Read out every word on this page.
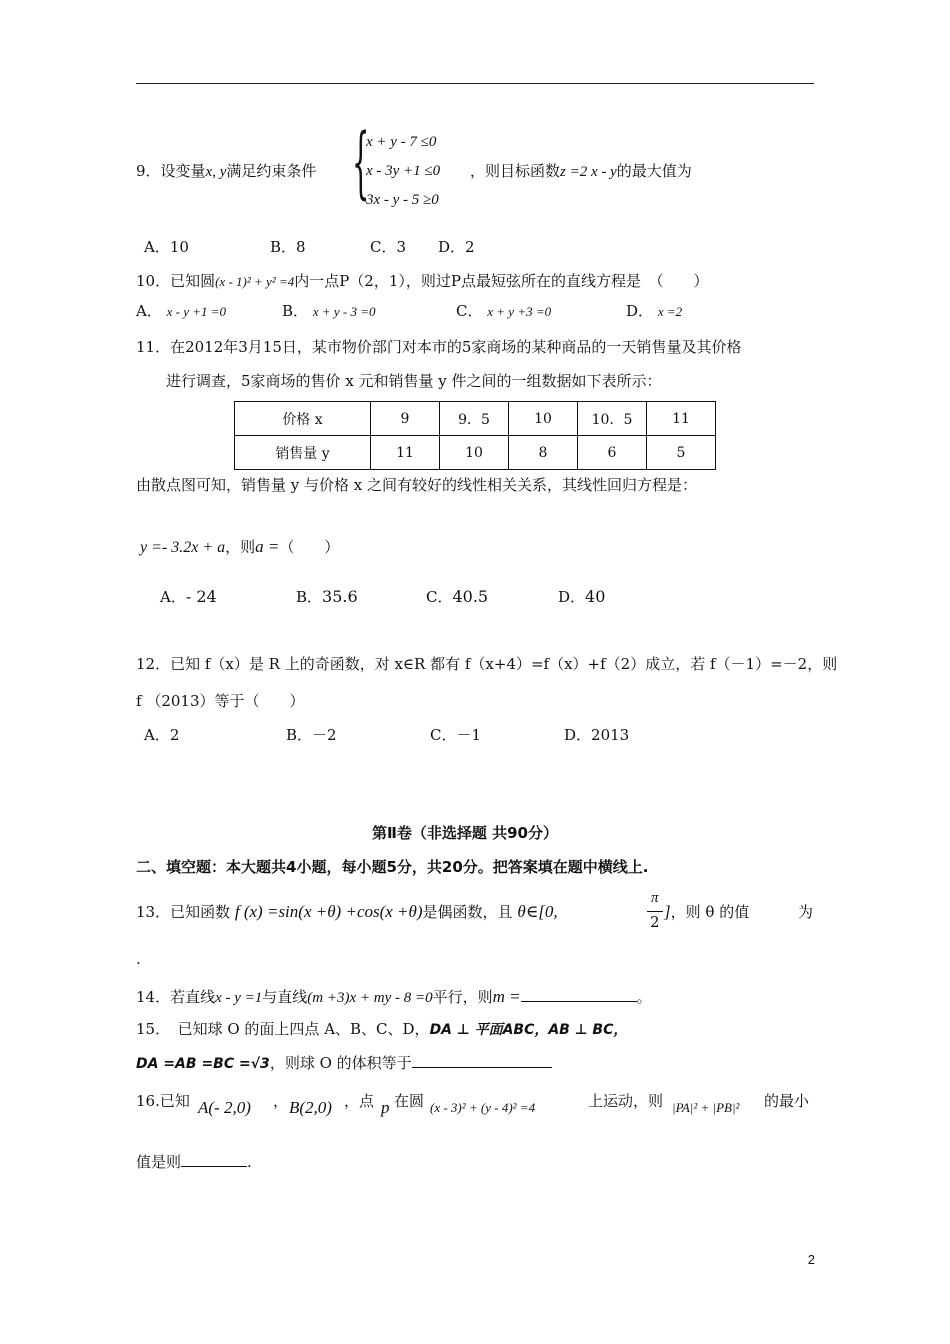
9．设变量x, y满足约束条件 {
x + y - 7 ≤0
x - 3y +1 ≤0
3x - y - 5 ≥0
，则目标函数z =2 x - y的最大值为
A．10	B．8	C．3 D．2
10．已知圆(x - 1)² + y² =4内一点P（2，1），则过P点最短弦所在的直线方程是　（　　）
A． x - y +1 =0	B． x + y - 3 =0	C． x + y +3 =0	D． x =2
11．在2012年3月15日，某市物价部门对本市的5家商场的某种商品的一天销售量及其价格
进行调查，5家商场的售价 x 元和销售量 y 件之间的一组数据如下表所示：
价格 x	9	9．5	10	10．5	11
销售量 y	11	10	8	6	5
由散点图可知，销售量 y 与价格 x 之间有较好的线性相关关系，其线性回归方程是：
y =- 3.2x + a，则a =（　　）
A．- 24	B．35.6	C．40.5	D．40
12．已知 f（x）是 R 上的奇函数，对 x∈R 都有 f（x+4）=f（x）+f（2）成立，若 f（－1）=－2，则
f （2013）等于（　　）
A．2	B．－2	C．－1	D．2013
第Ⅱ卷（非选择题 共90分）
二、填空题：本大题共4小题，每小题5分，共20分。把答案填在题中横线上.
13．已知函数 f (x) =sin(x +θ) +cos(x +θ)是偶函数，且 θ∈[0,
π
2
]，则 θ 的值	为
.
14．若直线x - y =1与直线(m +3)x + my - 8 =0平行，则m =	。
15．　已知球 O 的面上四点 A、B、C、D，DA ⊥ 平面ABC，AB ⊥ BC，
DA =AB =BC =√3，则球 O 的体积等于
16.已知 A(- 2,0) ， B(2,0) ，点 p 在圆 (x - 3)² + (y - 4)² =4	上运动，则 |PA|² + |PB|² 的最小
值是则	.
2
